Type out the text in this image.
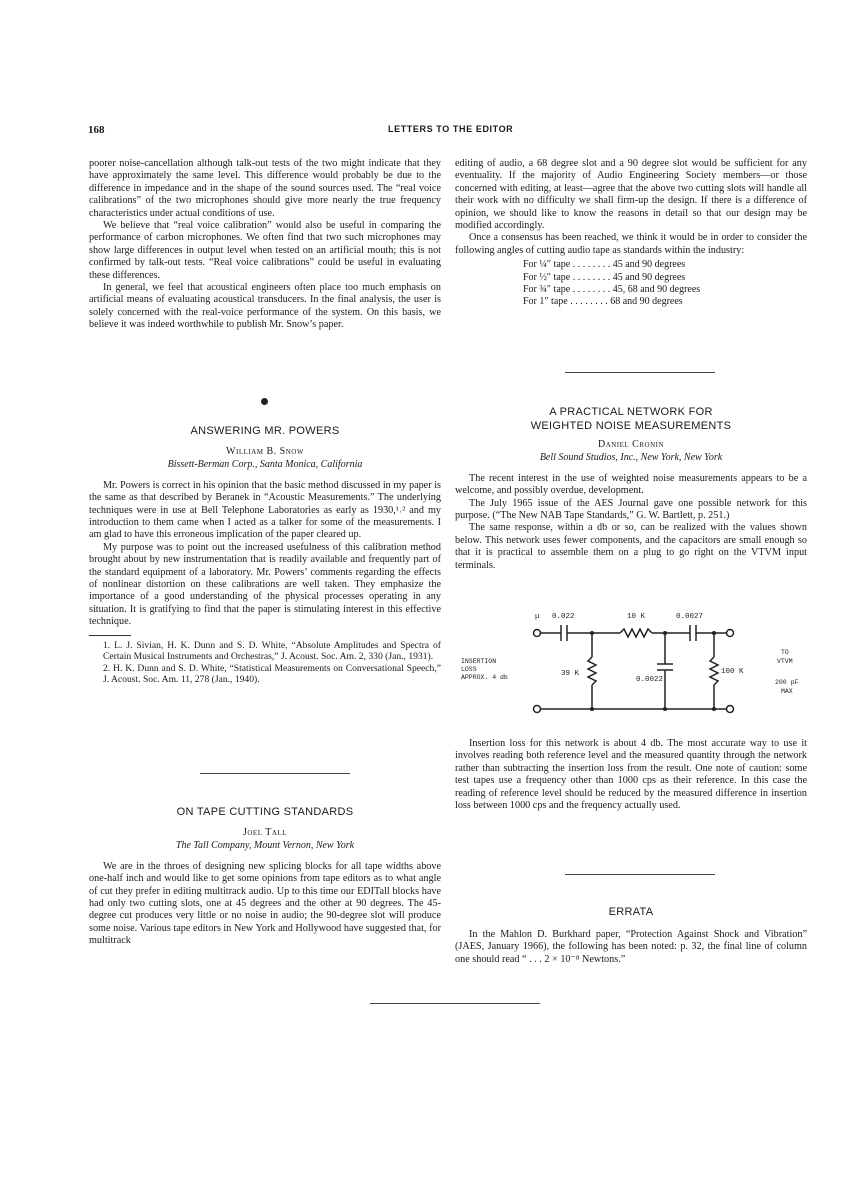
168	LETTERS TO THE EDITOR

poorer noise-cancellation although talk-out tests of the two might indicate that they have approximately the same level. This difference would probably be due to the difference in impedance and in the shape of the sound sources used. The “real voice calibrations” of the two microphones should give more nearly the true frequency characteristics under actual conditions of use.

We believe that “real voice calibration” would also be useful in comparing the performance of carbon microphones. We often find that two such microphones may show large differences in output level when tested on an artificial mouth; this is not confirmed by talk-out tests. “Real voice calibrations” could be useful in evaluating these differences.

In general, we feel that acoustical engineers often place too much emphasis on artificial means of evaluating acoustical transducers. In the final analysis, the user is solely concerned with the real-voice performance of the system. On this basis, we believe it was indeed worthwhile to publish Mr. Snow’s paper.

ANSWERING MR. POWERS
William B. Snow
Bissett-Berman Corp., Santa Monica, California

Mr. Powers is correct in his opinion that the basic method discussed in my paper is the same as that described by Beranek in “Acoustic Measurements.” The underlying techniques were in use at Bell Telephone Laboratories as early as 1930,¹˒² and my introduction to them came when I acted as a talker for some of the measurements. I am glad to have this erroneous implication of the paper cleared up.

My purpose was to point out the increased usefulness of this calibration method brought about by new instrumentation that is readily available and frequently part of the standard equipment of a laboratory. Mr. Powers’ comments regarding the effects of nonlinear distortion on these calibrations are well taken. They emphasize the importance of a good understanding of the physical processes operating in any situation. It is gratifying to find that the paper is stimulating interest in this effective technique.

1. L. J. Sivian, H. K. Dunn and S. D. White, “Absolute Amplitudes and Spectra of Certain Musical Instruments and Orchestras,” J. Acoust. Soc. Am. 2, 330 (Jan., 1931).

2. H. K. Dunn and S. D. White, “Statistical Measurements on Conversational Speech,” J. Acoust. Soc. Am. 11, 278 (Jan., 1940).

ON TAPE CUTTING STANDARDS
Joel Tall
The Tall Company, Mount Vernon, New York

We are in the throes of designing new splicing blocks for all tape widths above one-half inch and would like to get some opinions from tape editors as to what angle of cut they prefer in editing multitrack audio. Up to this time our EDITall blocks have had only two cutting slots, one at 45 degrees and the other at 90 degrees. The 45-degree cut produces very little or no noise in audio; the 90-degree slot will produce some noise. Various tape editors in New York and Hollywood have suggested that, for multitrack

editing of audio, a 68 degree slot and a 90 degree slot would be sufficient for any eventuality. If the majority of Audio Engineering Society members—or those concerned with editing, at least—agree that the above two cutting slots will handle all their work with no difficulty we shall firm-up the design. If there is a difference of opinion, we should like to know the reasons in detail so that our design may be modified accordingly.

Once a consensus has been reached, we think it would be in order to consider the following angles of cutting audio tape as standards within the industry:

For ¼″ tape . . . . . . . . 45 and 90 degrees
For ½″ tape . . . . . . . . 45 and 90 degrees
For ¾″ tape . . . . . . . . 45, 68 and 90 degrees
For 1″ tape . . . . . . . . 68 and 90 degrees
A PRACTICAL NETWORK FOR
WEIGHTED NOISE MEASUREMENTS
Daniel Cronin
Bell Sound Studios, Inc., New York, New York

The recent interest in the use of weighted noise measurements appears to be a welcome, and possibly overdue, development.

The July 1965 issue of the AES Journal gave one possible network for this purpose. (“The New NAB Tape Standards,” G. W. Bartlett, p. 251.)

The same response, within a db or so, can be realized with the values shown below. This network uses fewer components, and the capacitors are small enough so that it is practical to assemble them on a plug to go right on the VTVM input terminals.

μ 0.022	10 K	0.0027
39 K
0.0022
100 K
INSERTION
LOSS
APPROX. 4 db
TO
VTVM
200 pF
MAX

Insertion loss for this network is about 4 db. The most accurate way to use it involves reading both reference level and the measured quantity through the network rather than subtracting the insertion loss from the result. One note of caution: some test tapes use a frequency other than 1000 cps as their reference. In this case the reading of reference level should be reduced by the measured difference in insertion loss between 1000 cps and the frequency actually used.

ERRATA

In the Mahlon D. Burkhard paper, “Protection Against Shock and Vibration” (JAES, January 1966), the following has been noted: p. 32, the final line of column one should read “ . . . 2 × 10⁻⁸ Newtons.”
